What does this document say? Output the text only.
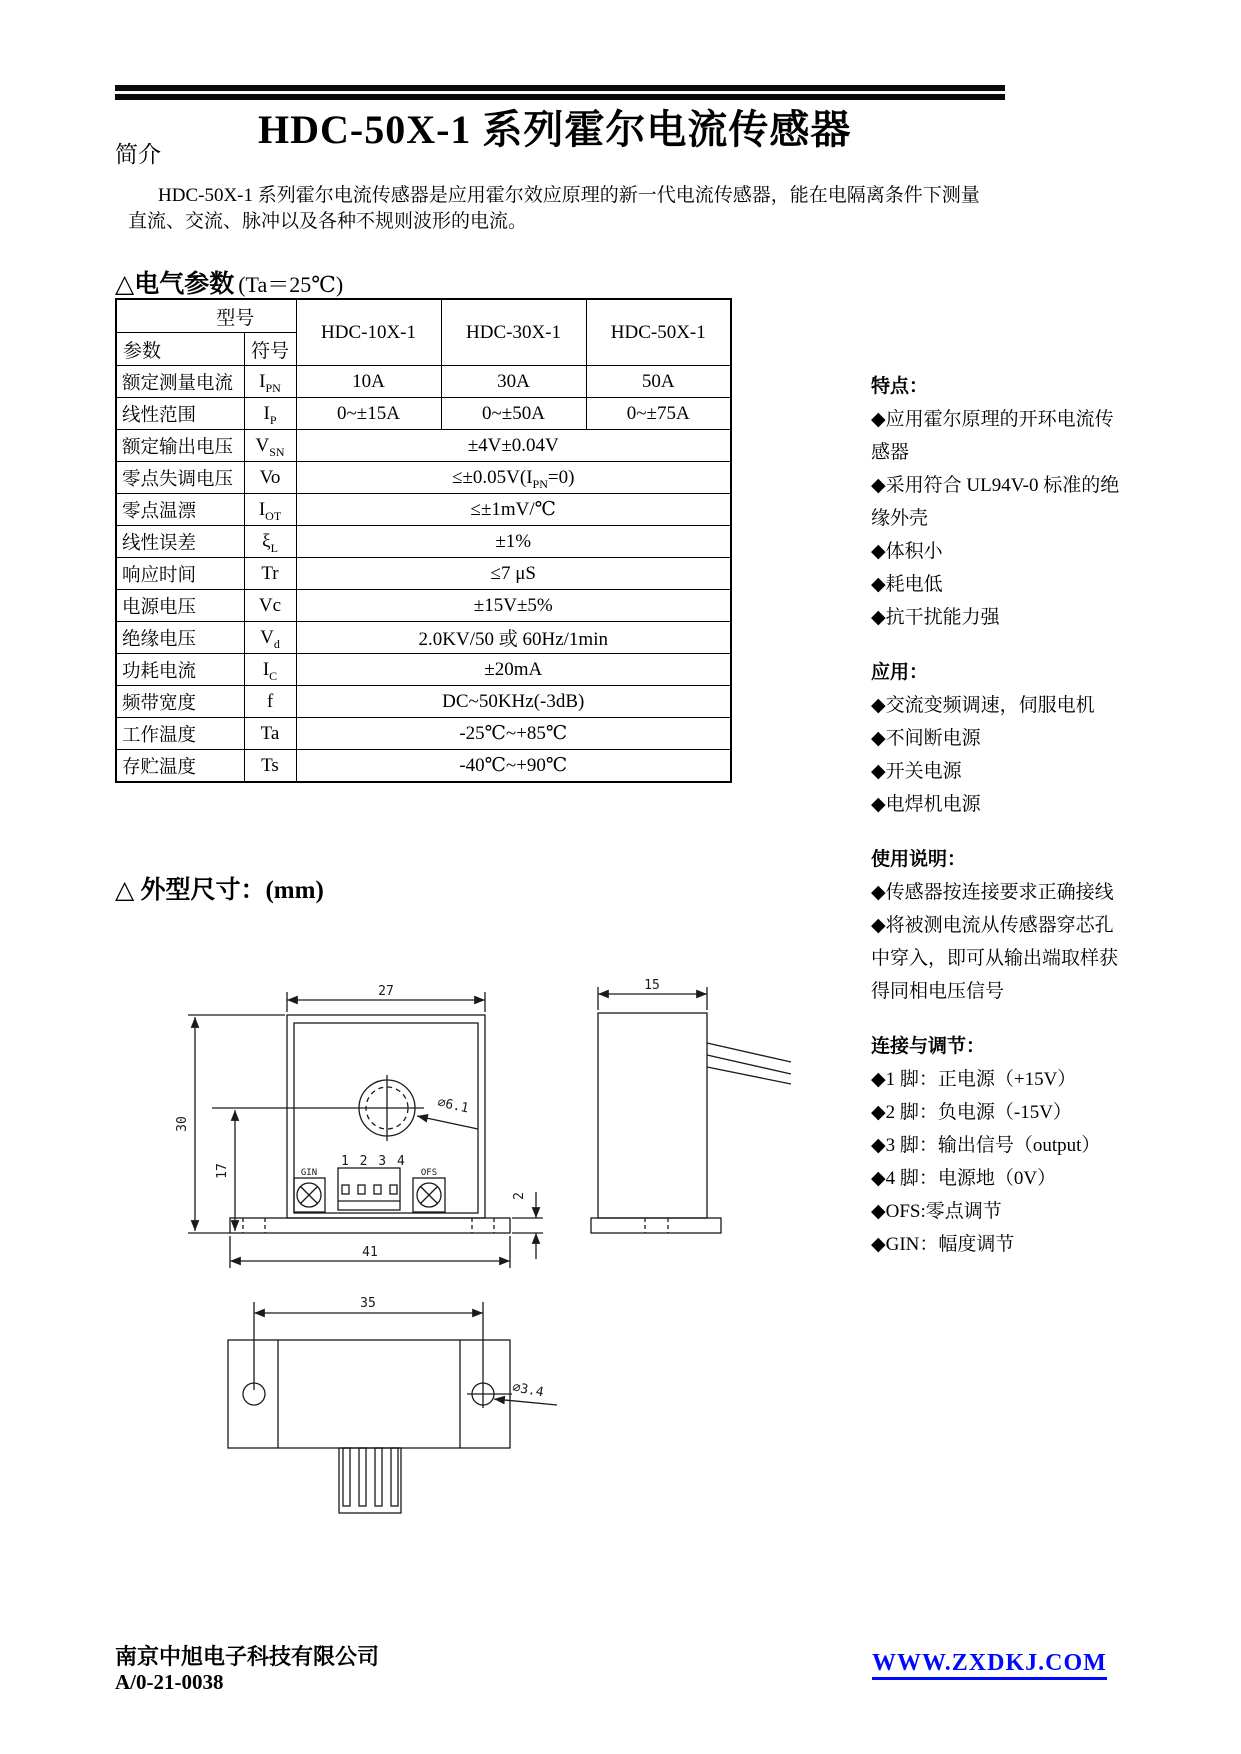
简介
HDC-50X-1 系列霍尔电流传感器
HDC-50X-1 系列霍尔电流传感器是应用霍尔效应原理的新一代电流传感器，能在电隔离条件下测量
直流、交流、脉冲以及各种不规则波形的电流。
△电气参数 (Ta＝25℃)
型号		HDC-10X-1	HDC-30X-1	HDC-50X-1
参数	符号			
额定测量电流	$I_{PN}$	10A	30A	50A
线性范围	$I_P$	0~±15A	0~±50A	0~±75A
额定输出电压	$V_{SN}$	±4V±0.04V		
零点失调电压	Vo	$\le\pm 0.05V(I_{PN}=0)$		
零点温漂	$I_{OT}$	≤±1mV/℃		
线性误差	$\xi_L$	±1%		
响应时间	Tr	≤7 μS		
电源电压	Vc	±15V±5%		
绝缘电压	$V_d$	2.0KV/50 或 60Hz/1min		
功耗电流	$I_C$	±20mA		
频带宽度	f	DC~50KHz(-3dB)		
工作温度	Ta	-25℃~+85℃		
存贮温度	Ts	-40℃~+90℃		
特点：
◆应用霍尔原理的开环电流传感器
◆采用符合 UL94V-0 标准的绝缘外壳
◆体积小
◆耗电低
◆抗干扰能力强
应用：
◆交流变频调速，伺服电机
◆不间断电源
◆开关电源
◆电焊机电源
使用说明：
◆传感器按连接要求正确接线
◆将被测电流从传感器穿芯孔中穿入，即可从输出端取样获得同相电压信号
连接与调节：
◆1 脚：正电源（+15V）
◆2 脚：负电源（-15V）
◆3 脚：输出信号（output）
◆4 脚：电源地（0V）
◆OFS:零点调节
◆GIN：幅度调节
△ 外型尺寸：(mm)
27
30
17
∅6.1
41
2
1 2 3 4
GIN	OFS
15
35
∅3.4
南京中旭电子科技有限公司
A/0-21-0038
WWW.ZXDKJ.COM
